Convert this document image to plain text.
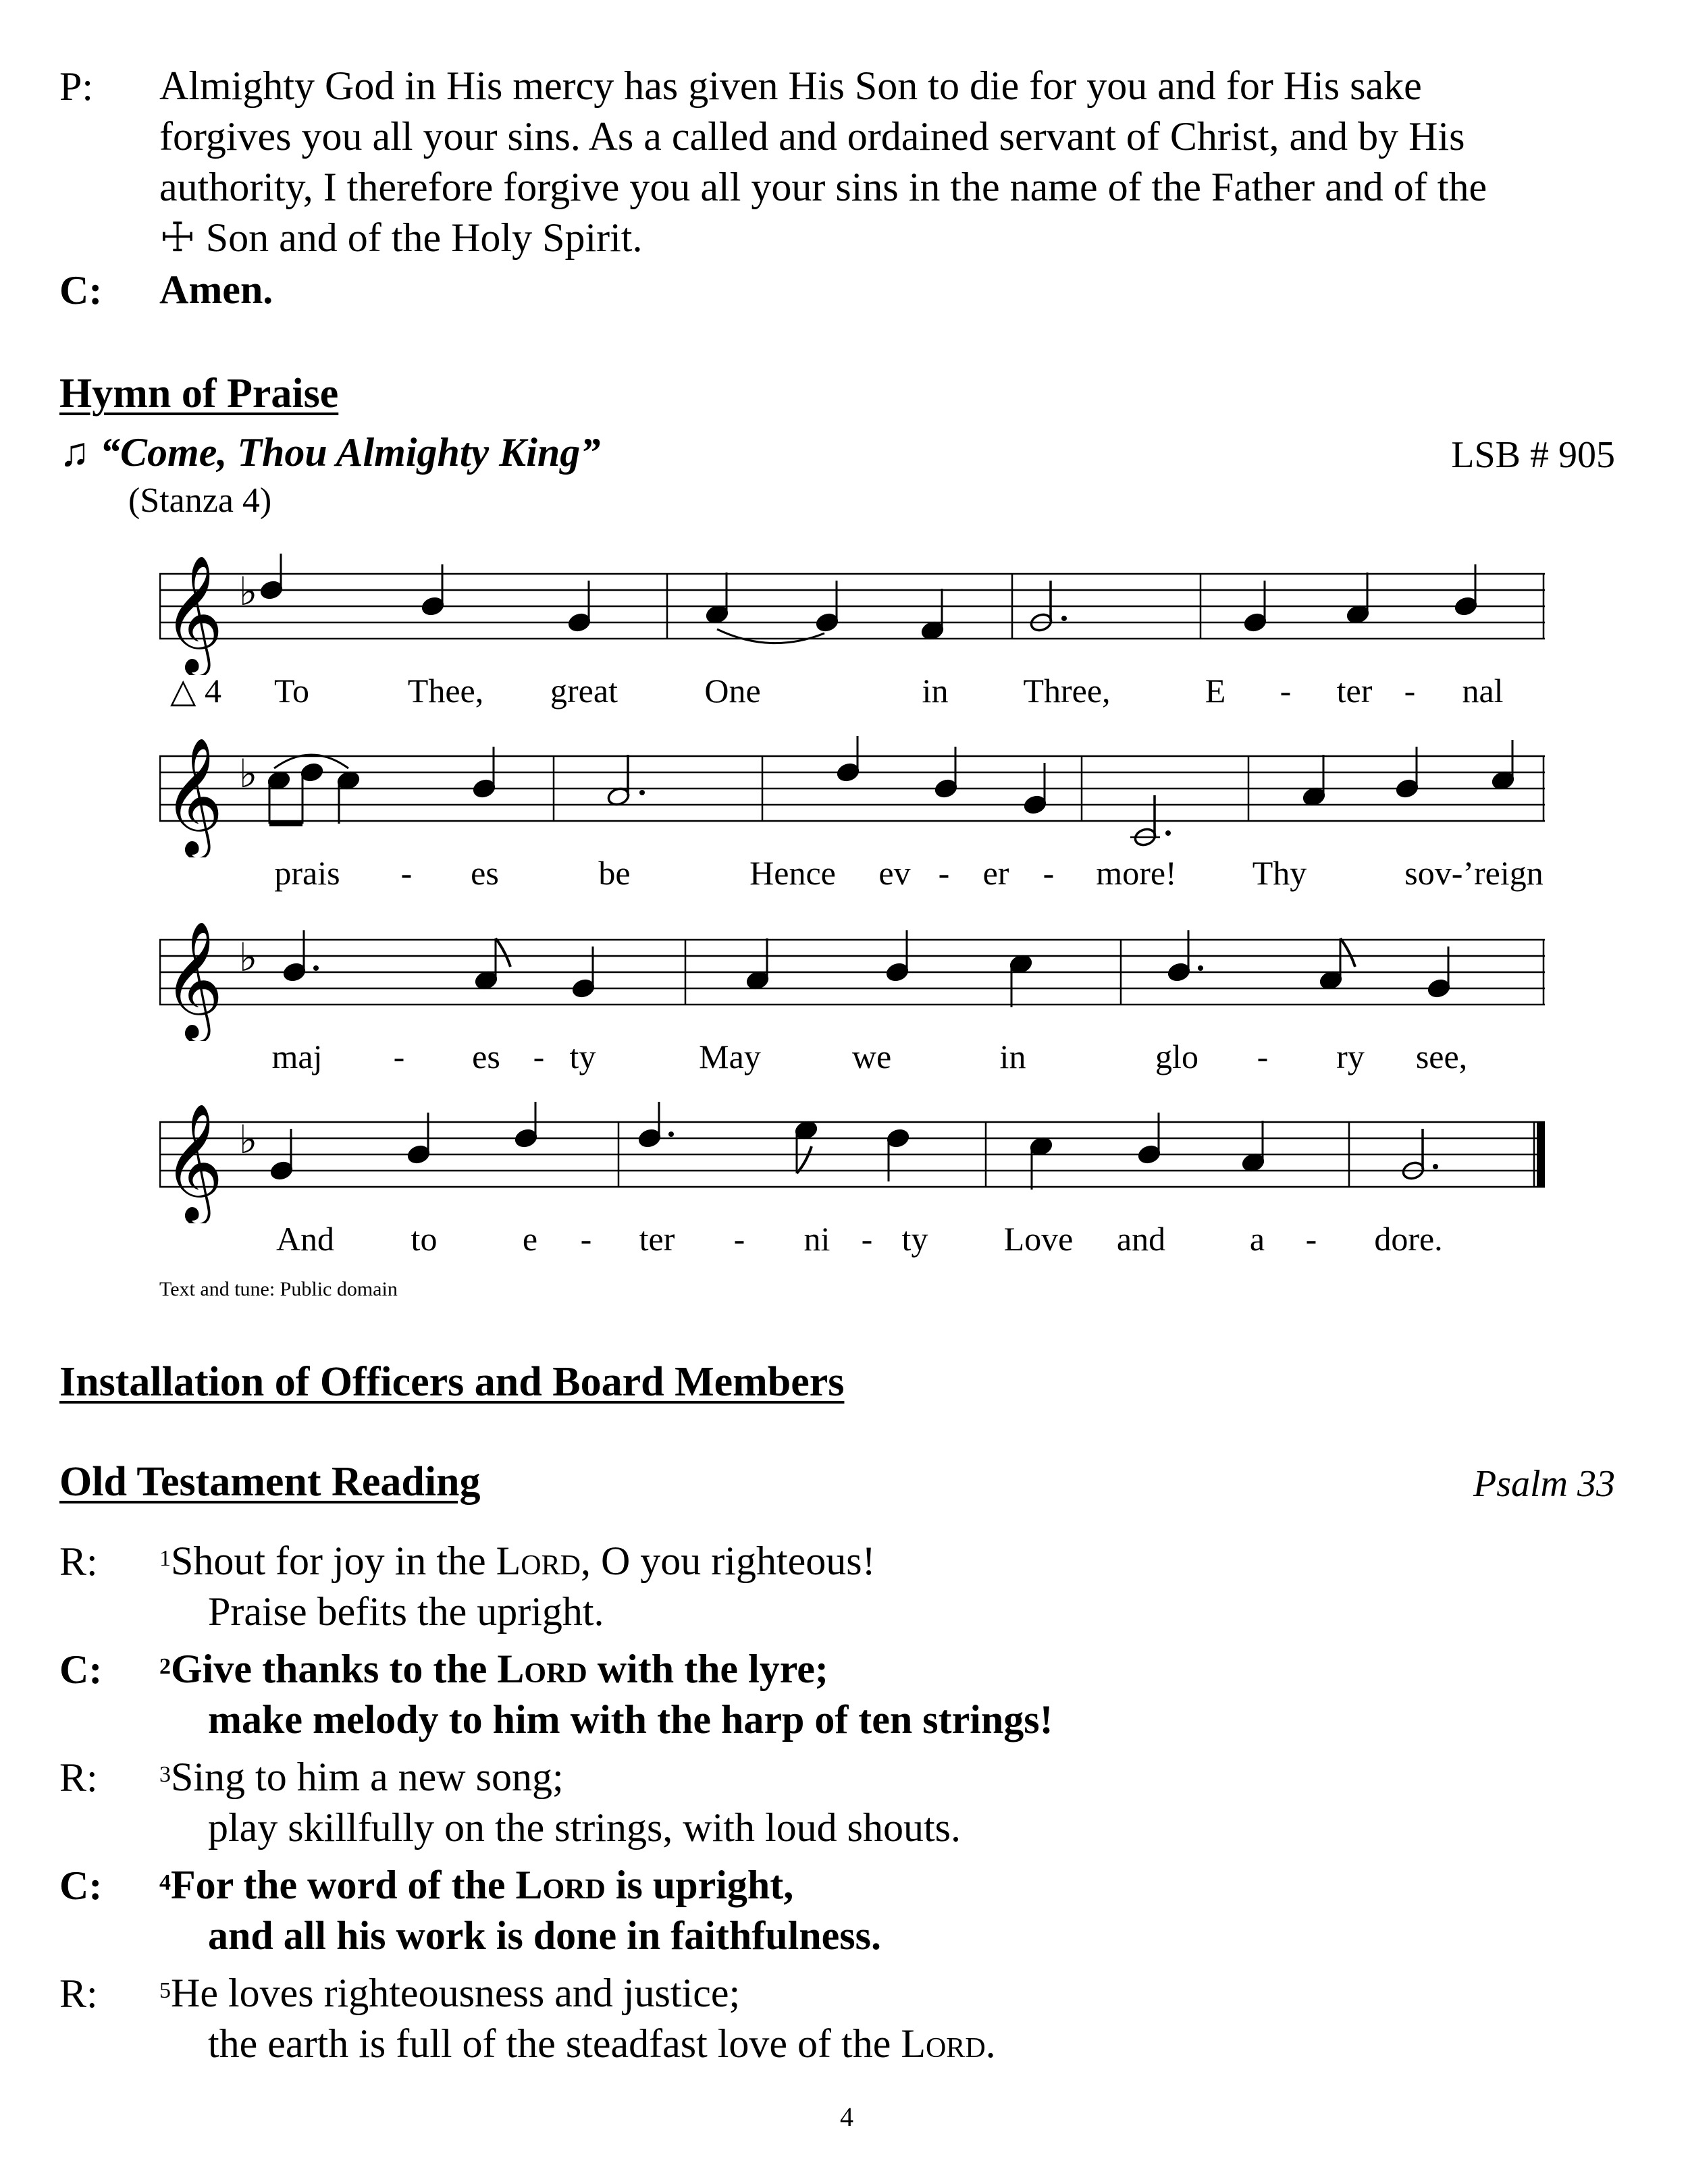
P: Almighty God in His mercy has given His Son to die for you and for His sake
forgives you all your sins. As a called and ordained servant of Christ, and by His
authority, I therefore forgive you all your sins in the name of the Father and of the
☩ Son and of the Holy Spirit.
C: Amen.
Hymn of Praise
♫ “Come, Thou Almighty King”	LSB # 905
(Stanza 4)
𝄞 ♭
△ 4 To	Thee, great	One	in Three,	E - ter - nal
𝄞 ♭
prais - es	be	Hence ev - er - more! Thy	sov-’reign
𝄞 ♭
maj - es - ty	May	we	in	glo - ry see,
𝄞 ♭
And to	e - ter - ni - ty Love and a - dore.
Text and tune: Public domain
Installation of Officers and Board Members
Old Testament Reading	Psalm 33
R:	$^1$Shout for joy in the Lord, O you righteous!
Praise befits the upright.
C: $^2$Give thanks to the Lord with the lyre;
make melody to him with the harp of ten strings!
R:	$^3$Sing to him a new song;
play skillfully on the strings, with loud shouts.
C: $^4$For the word of the Lord is upright,
and all his work is done in faithfulness.
R:	$^5$He loves righteousness and justice;
the earth is full of the steadfast love of the Lord.
4
